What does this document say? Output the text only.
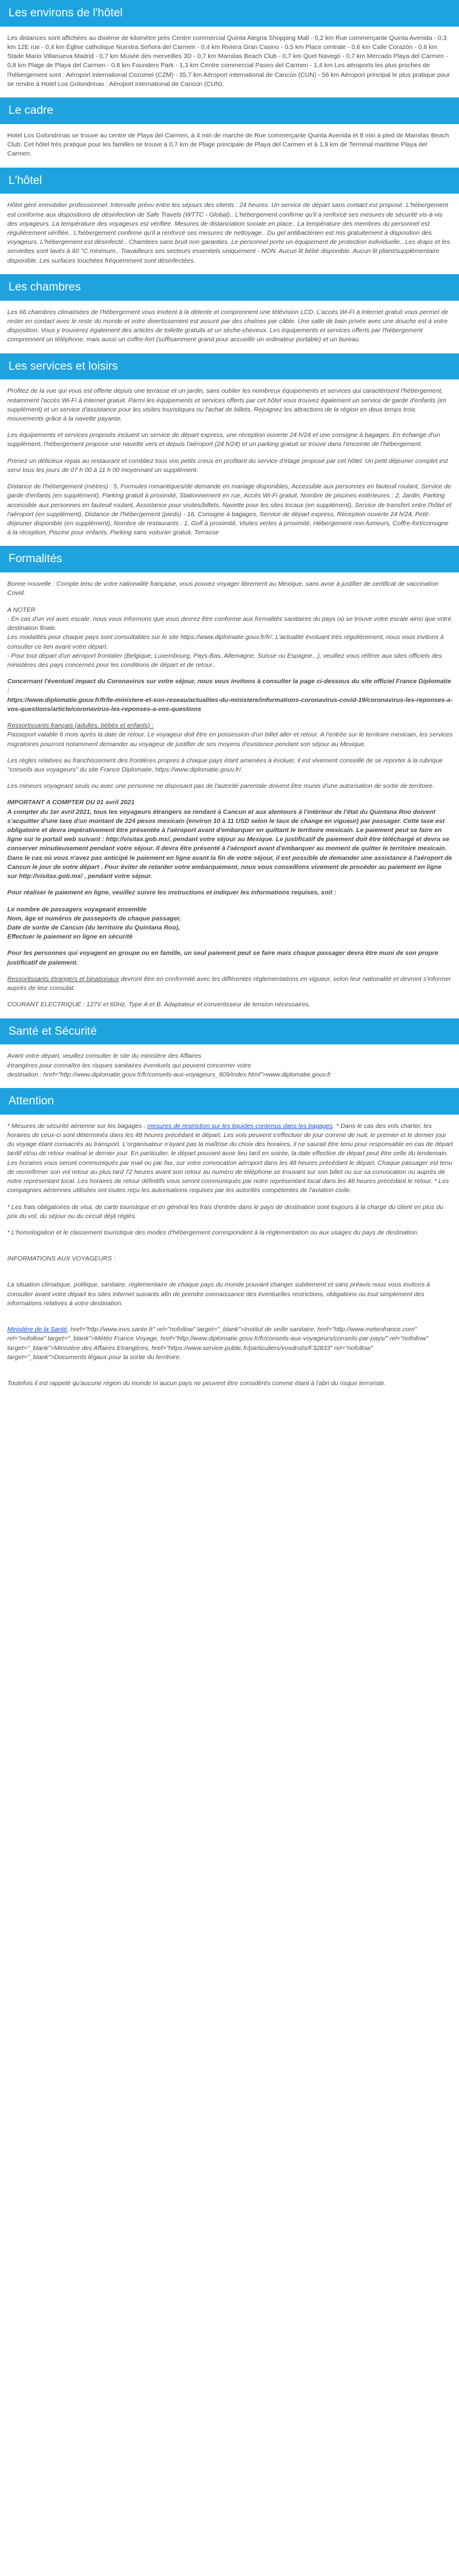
Les environs de l'hôtel

Les distances sont affichées au dixième de kilomètre près Centre commercial Quinta Alegria Shopping Mall - 0,2 km Rue commerçante Quinta Avenida - 0,3 km 12E rue - 0,4 km Église catholique Nuestra Señora del Carmen - 0,4 km Riviera Gran Casino - 0,5 km Place centrale - 0,6 km Calle Corazón - 0,6 km Stade Mario Villanueva Madrid - 0,7 km Musée des merveilles 3D - 0,7 km Mamitas Beach Club - 0,7 km Quel Navegó - 0,7 km Mercado Playa del Carmen - 0,8 km Plage de Playa del Carmen - 0,8 km Founders Park - 1,3 km Centre commercial Paseo del Carmen - 1,4 km Les aéroports les plus proches de l'hébergement sont : Aéroport international Cozumel (CZM) - 35,7 km Aéroport international de Cancún (CUN) - 56 km Aéroport principal le plus pratique pour se rendre à Hotel Los Golondrinas : Aéroport international de Cancún (CUN).

Le cadre

Hotel Los Golondrinas se trouve au centre de Playa del Carmen, à 4 min de marche de Rue commerçante Quinta Avenida et 8 min à pied de Mamitas Beach Club. Cet hôtel très pratique pour les familles se trouve à 0,7 km de Plage principale de Playa del Carmen et à 1,9 km de Terminal maritime Playa del Carmen.

L'hôtel

Hôtel géré immobilier professionnel. Intervalle prévu entre les séjours des clients : 24 heures. Un service de départ sans contact est proposé. L'hébergement est conforme aux dispositions de désinfection de Safe Travels (WTTC - Global).. L'hébergement confirme qu'il a renforcé ses mesures de sécurité vis-à-vis des voyageurs. La température des voyageurs est vérifiée. Mesures de distanciation sociale en place.. La température des membres du personnel est régulièrement vérifiée.. L'hébergement confirme qu'il a renforcé ses mesures de nettoyage.. Du gel antibactérien est mis gratuitement à disposition des voyageurs. L'hébergement est désinfecté.. Chambres sans bruit non garanties. Le personnel porte un équipement de protection individuelle.. Les draps et les serviettes sont lavés à 60 °C minimum.. Travailleurs ses secteurs essentiels uniquement - NON. Aucun lit bébé disponible. Aucun lit pliant/supplémentaire disponible. Les surfaces touchées fréquemment sont désinfectées.

Les chambres

Les 66 chambres climatisées de l'hébergement vous invitent à la détente et comprennent une télévision LCD. L'accès Wi-Fi à Internet gratuit vous permet de rester en contact avec le reste du monde et votre divertissement est assuré par des chaînes par câble. Une salle de bain privée avec une douche est à votre disposition. Vous y trouverez également des articles de toilette gratuits et un sèche-cheveux. Les équipements et services offerts par l'hébergement comprennent un téléphone, mais aussi un coffre-fort (suffisamment grand pour accueillir un ordinateur portable) et un bureau.

Les services et loisirs

Profitez de la vue qui vous est offerte depuis une terrasse et un jardin, sans oublier les nombreux équipements et services qui caractérisent l'hébergement, notamment l'accès Wi-Fi à Internet gratuit. Parmi les équipements et services offerts par cet hôtel vous trouvez également un service de garde d'enfants (en supplément) et un service d'assistance pour les visites touristiques ou l'achat de billets. Rejoignez les attractions de la région en deux temps trois mouvements grâce à la navette payante.

Les équipements et services proposés incluent un service de départ express, une réception ouverte 24 h/24 et une consigne à bagages. En échange d'un supplément, l'hébergement propose une navette vers et depuis l'aéroport (24 h/24) et un parking gratuit se trouve dans l'enceinte de l'hébergement.

Prenez un délicieux repas au restaurant et combliez tous vos petits creux en profitant du service d'étage proposé par cet hôtel. Un petit déjeuner complet est servi tous les jours de 07 h 00 à 11 h 00 moyennant un supplément.

Distance de l'hébergement (mètres) : 5, Formules romantiques/de demande en mariage disponibles, Accessible aux personnes en fauteuil roulant, Service de garde d'enfants (en supplément), Parking gratuit à proximité, Stationnement en rue, Accès Wi-Fi gratuit, Nombre de piscines extérieures : 2, Jardin, Parking accessible aux personnes en fauteuil roulant, Assistance pour visites/billets, Navette pour les sites locaux (en supplément), Service de transfert entre l'hôtel et l'aéroport (en supplément), Distance de l'hébergement (pieds) - 16, Consigne à bagages, Service de départ express, Réception ouverte 24 h/24, Petit-déjeuner disponible (en supplément), Nombre de restaurants : 1, Golf à proximité, Visites vertes à proximité, Hébergement non-fumeurs, Coffre-fort/consigne à la réception, Piscine pour enfants, Parking sans voiturier gratuit, Terrasse

Formalités

Bonne nouvelle : Compte tenu de votre nationalité française, vous pouvez voyager librement au Mexique, sans avoir à justifier de certificat de vaccination Covid.

A NOTER
- En cas d'un vol avec escale, nous vous informons que vous devrez être conforme aux formalités sanitaires du pays où se trouve votre escale ainsi que votre destination finale.
Les modalités pour chaque pays sont consultables sur le site https://www.diplomatie.gouv.fr/fr/. L'actualité évoluant très régulièrement, nous vous invitons à consulter ce lien avant votre départ.
- Pour tout départ d'un aéroport frontalier (Belgique, Luxembourg, Pays-Bas, Allemagne, Suisse ou Espagne...), veuillez vous référer aux sites officiels des ministères des pays concernés pour les conditions de départ et de retour..

Concernant l'éventuel impact du Coronavirus sur votre séjour, nous vous invitons à consulter la page ci-dessous du site officiel France Diplomatie :
https://www.diplomatie.gouv.fr/fr/le-ministere-et-son-reseau/actualites-du-ministere/informations-coronavirus-covid-19/coronavirus-les-reponses-a-vos-questions/article/coronavirus-les-reponses-a-vos-questions

Ressortissants français (adultes, bébés et enfants) :
Passeport valable 6 mois après la date de retour. Le voyageur doit être en possession d'un billet aller et retour. A l'entrée sur le territoire mexicain, les services migratoires pourront notamment demander au voyageur de justifier de ses moyens d'existence pendant son séjour au Mexique.

Les règles relatives au franchissement des frontières propres à chaque pays étant amenées à évoluer, il est vivement conseillé de se reporter à la rubrique "conseils aux voyageurs" du site France Diplomatie, https://www.diplomatie.gouv.fr/.

Les mineurs voyageant seuls ou avec une personne ne disposant pas de l'autorité parentale doivent être munis d'une autorisation de sortie de territoire.

IMPORTANT A COMPTER DU 01 avril 2021
A compter du 1er avril 2021, tous les voyageurs étrangers se rendant à Cancun et aux alentours à l'intérieur de l'état du Quintana Roo doivent s'acquitter d'une taxe d'un montant de 224 pesos mexicain (environ 10 à 11 USD selon le taux de change en vigueur) par passager. Cette taxe est obligatoire et devra impérativement être présentée à l'aéroport avant d'embarquer en quittant le territoire mexicain. Le paiement peut se faire en ligne sur le portail web suivant : http://visitax.gob.mx/, pendant votre séjour au Mexique. Le justificatif de paiement doit être téléchargé et devra se conserver minutieusement pendant votre séjour. Il devra être présenté à l'aéroport avant d'embarquer au moment de quitter le territoire mexicain. Dans le cas où vous n'avez pas anticipé le paiement en ligne avant la fin de votre séjour, il est possible de demander une assistance à l'aéroport de Cancun le jour de votre départ . Pour éviter de retarder votre embarquement, nous vous conseillons vivement de procéder au paiement en ligne sur http://visitax.gob.mx/ , pendant votre séjour.

Pour réaliser le paiement en ligne, veuillez suivre les instructions et indiquer les informations requises, soit :

Le nombre de passagers voyageant ensemble
Nom, âge et numéros de passeports de chaque passager,
Date de sortie de Cancun (du territoire du Quintana Roo),
Effectuer le paiement en ligne en sécurité

Pour les personnes qui voyagent en groupe ou en famille, un seul paiement peut se faire mais chaque passager devra être muni de son propre justificatif de paiement.

Ressortissants étrangers et binationaux devront être en conformité avec les différentes réglementations en vigueur, selon leur nationalité et devront s'informer auprès de leur consulat.

COURANT ELECTRIQUE : 127V et 60Hz. Type A et B. Adaptateur et convertisseur de tension nécessaires.

Santé et Sécurité

Avant votre départ, veuillez consulter le site du ministère des Affaires
étrangères pour connaître les risques sanitaires éventuels qui peuvent concerner votre
destination : href="http://www.diplomatie.gouv.fr/fr/conseils-aux-voyageurs_909/index.html">www.diplomatie.gouv.fr

Attention

* Mesures de sécurité aérienne sur les bagages : mesures de restriction sur les liquides contenus dans les bagages. * Dans le cas des vols charter, les horaires de ceux-ci sont déterminés dans les 48 heures précédant le départ. Les vols peuvent s'effectuer de jour comme de nuit, le premier et le dernier jour du voyage étant consacrés au transport. L'organisateur n'ayant pas la maîtrise du choix des horaires, il ne saurait être tenu pour responsable en cas de départ tardif et/ou de retour matinal le dernier jour. En particulier, le départ pouvant avoir lieu tard en soirée, la date effective de départ peut être celle du lendemain. Les horaires vous seront communiqués par mail ou par fax, sur votre convocation aéroport dans les 48 heures précédant le départ. Chaque passager est tenu de reconfirmer son vol retour au plus tard 72 heures avant son retour au numéro de téléphone se trouvant sur son billet ou sur sa convocation ou auprès de notre représentant local. Les horaires de retour définitifs vous seront communiqués par notre représentant local dans les 48 heures précédant le retour. * Les compagnies aériennes utilisées ont toutes reçu les autorisations requises par les autorités compétentes de l'aviation civile.

* Les frais obligatoires de visa, de carte touristique et en général les frais d'entrée dans le pays de destination sont toujours à la charge du client en plus du prix du vol, du séjour ou du circuit déjà réglés.

* L'homologation et le classement touristique des modes d'hébergement correspondent à la réglementation ou aux usages du pays de destination.

INFORMATIONS AUX VOYAGEURS :

La situation climatique, politique, sanitaire, réglementaire de chaque pays du monde pouvant changer subitement et sans préavis nous vous invitons à consulter avant votre départ les sites Internet suivants afin de prendre connaissance des éventuelles restrictions, obligations ou tout simplement des informations relatives à votre destination.

Ministère de la Santé, href="http://www.invs.sante.fr" rel="nofollow" target="_blank">Institut de veille sanitaire, href="http://www.meteofrance.com" rel="nofollow" target="_blank">Météo France Voyage, href="http://www.diplomatie.gouv.fr/fr/conseils-aux-voyageurs/conseils-par-pays/" rel="nofollow" target="_blank">Ministère des Affaires Etrangères, href="https://www.service-public.fr/particuliers/vosdroits/F32833" rel="nofollow" target="_blank">Documents légaux pour la sortie du territoire.

Toutefois il est rappelé qu'aucune région du monde ni aucun pays ne peuvent être considérés comme étant à l'abri du risque terroriste.
